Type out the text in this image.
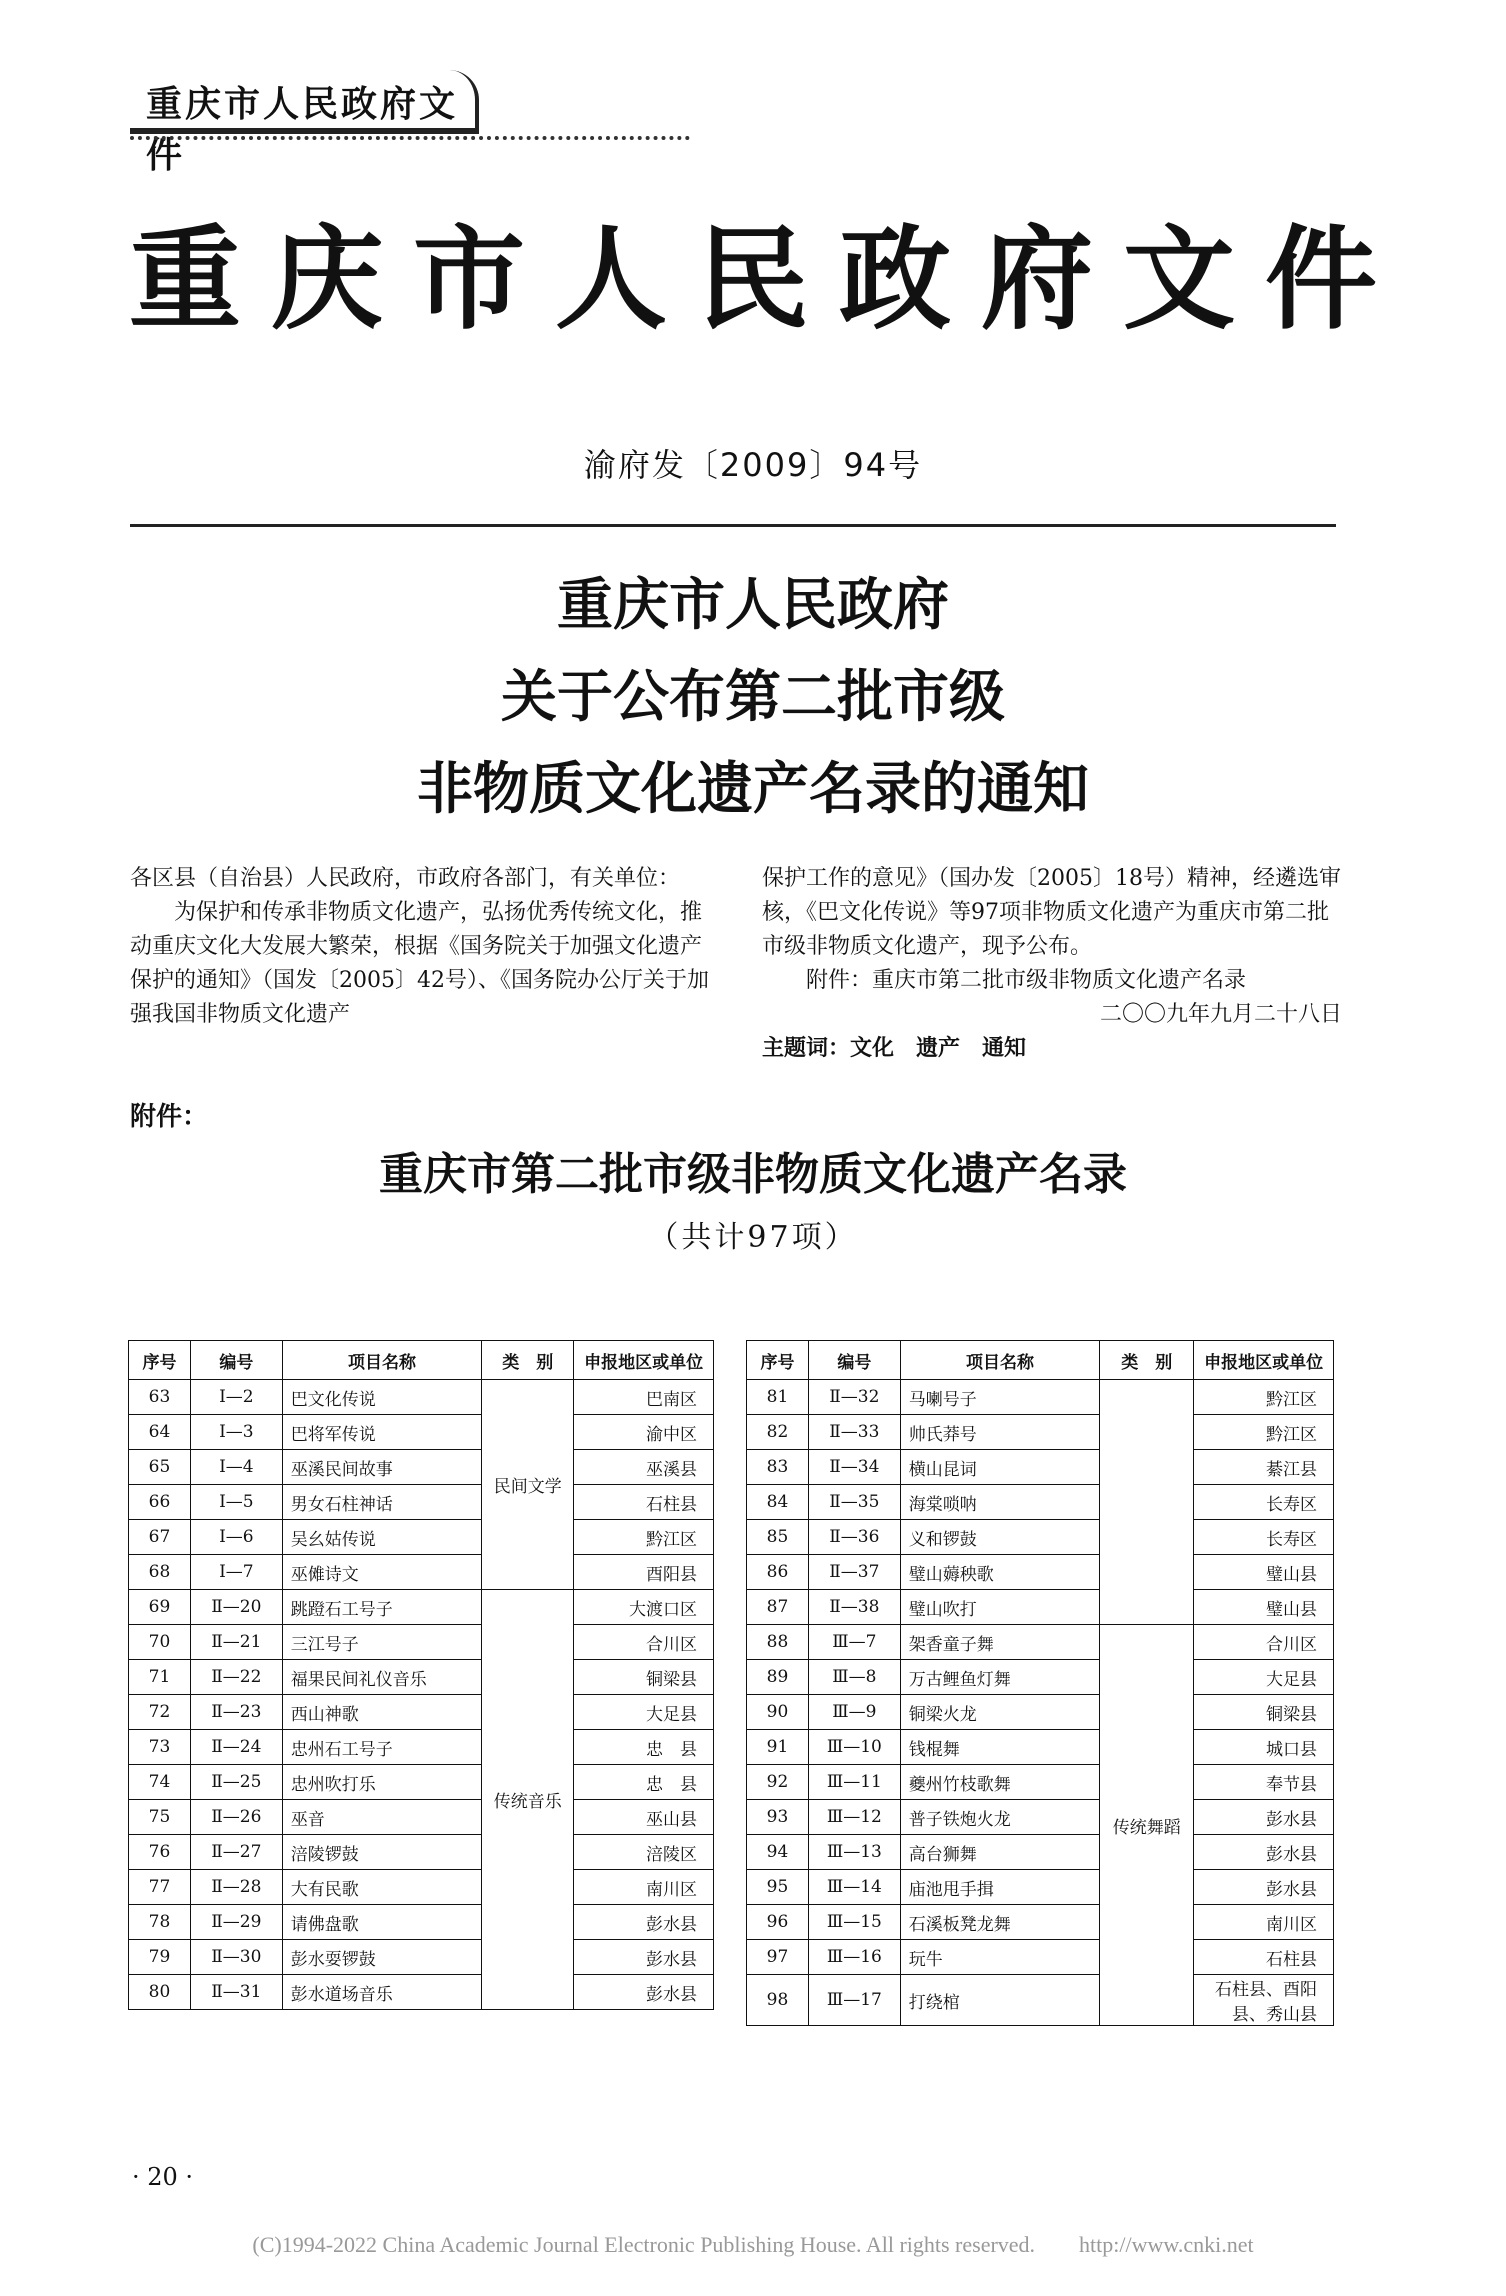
重庆市人民政府文件
重庆市人民政府文件
渝府发〔2009〕94号
重庆市人民政府
关于公布第二批市级
非物质文化遗产名录的通知

各区县（自治县）人民政府，市政府各部门，有关单位：

为保护和传承非物质文化遗产，弘扬优秀传统文化，推动重庆文化大发展大繁荣，根据《国务院关于加强文化遗产保护的通知》（国发〔2005〕42号）、《国务院办公厅关于加强我国非物质文化遗产

保护工作的意见》（国办发〔2005〕18号）精神，经遴选审核，《巴文化传说》等97项非物质文化遗产为重庆市第二批市级非物质文化遗产，现予公布。

附件：重庆市第二批市级非物质文化遗产名录

二〇〇九年九月二十八日

主题词：文化　遗产　通知

附件：
重庆市第二批市级非物质文化遗产名录
（共计97项）
序号	编号	项目名称	类　别	申报地区或单位
63	Ⅰ—2	巴文化传说	民间文学	巴南区
64	Ⅰ—3	巴将军传说		渝中区
65	Ⅰ—4	巫溪民间故事		巫溪县
66	Ⅰ—5	男女石柱神话		石柱县
67	Ⅰ—6	吴幺姑传说		黔江区
68	Ⅰ—7	巫傩诗文		酉阳县
69	Ⅱ—20	跳蹬石工号子	传统音乐	大渡口区
70	Ⅱ—21	三江号子		合川区
71	Ⅱ—22	福果民间礼仪音乐		铜梁县
72	Ⅱ—23	西山神歌		大足县
73	Ⅱ—24	忠州石工号子		忠　县
74	Ⅱ—25	忠州吹打乐		忠　县
75	Ⅱ—26	巫音		巫山县
76	Ⅱ—27	涪陵锣鼓		涪陵区
77	Ⅱ—28	大有民歌		南川区
78	Ⅱ—29	请佛盘歌		彭水县
79	Ⅱ—30	彭水耍锣鼓		彭水县
80	Ⅱ—31	彭水道场音乐		彭水县
序号	编号	项目名称	类　别	申报地区或单位
81	Ⅱ—32	马喇号子		黔江区
82	Ⅱ—33	帅氏莽号		黔江区
83	Ⅱ—34	横山昆词		綦江县
84	Ⅱ—35	海棠唢呐		长寿区
85	Ⅱ—36	义和锣鼓		长寿区
86	Ⅱ—37	璧山薅秧歌		璧山县
87	Ⅱ—38	璧山吹打		璧山县
88	Ⅲ—7	架香童子舞	传统舞蹈	合川区
89	Ⅲ—8	万古鲤鱼灯舞		大足县
90	Ⅲ—9	铜梁火龙		铜梁县
91	Ⅲ—10	钱棍舞		城口县
92	Ⅲ—11	夔州竹枝歌舞		奉节县
93	Ⅲ—12	普子铁炮火龙		彭水县
94	Ⅲ—13	高台狮舞		彭水县
95	Ⅲ—14	庙池甩手揖		彭水县
96	Ⅲ—15	石溪板凳龙舞		南川区
97	Ⅲ—16	玩牛		石柱县
98	Ⅲ—17	打绕棺		石柱县、酉阳县、秀山县
· 20 ·
(C)1994-2022 China Academic Journal Electronic Publishing House. All rights reserved.　　http://www.cnki.net
